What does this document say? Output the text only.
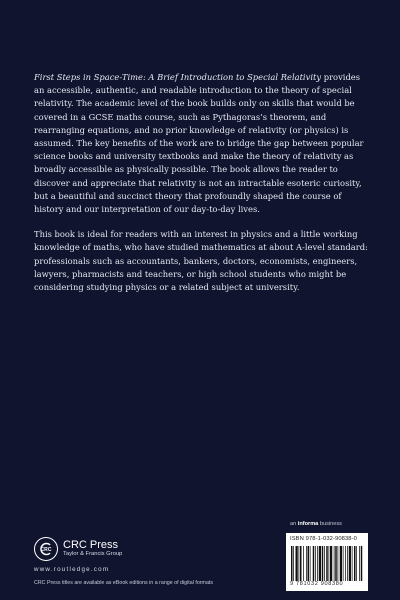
First Steps in Space-Time: A Brief Introduction to Special Relativity provides an accessible, authentic, and readable introduction to the theory of special relativity. The academic level of the book builds only on skills that would be covered in a GCSE maths course, such as Pythagoras’s theorem, and rearranging equations, and no prior knowledge of relativity (or physics) is assumed. The key benefits of the work are to bridge the gap between popular science books and university textbooks and make the theory of relativity as broadly accessible as physically possible. The book allows the reader to discover and appreciate that relativity is not an intractable esoteric curiosity, but a beautiful and succinct theory that profoundly shaped the course of history and our interpretation of our day-to-day lives.

This book is ideal for readers with an interest in physics and a little working knowledge of maths, who have studied mathematics at about A-level standard: professionals such as accountants, bankers, doctors, economists, engineers, lawyers, pharmacists and teachers, or high school students who might be considering studying physics or a related subject at university.

an informa business
ISBN 978-1-032-90838-0
9 781032 908380
CRC CRC Press
Taylor & Francis Group
www.routledge.com
CRC Press titles are available as eBook editions in a range of digital formats
